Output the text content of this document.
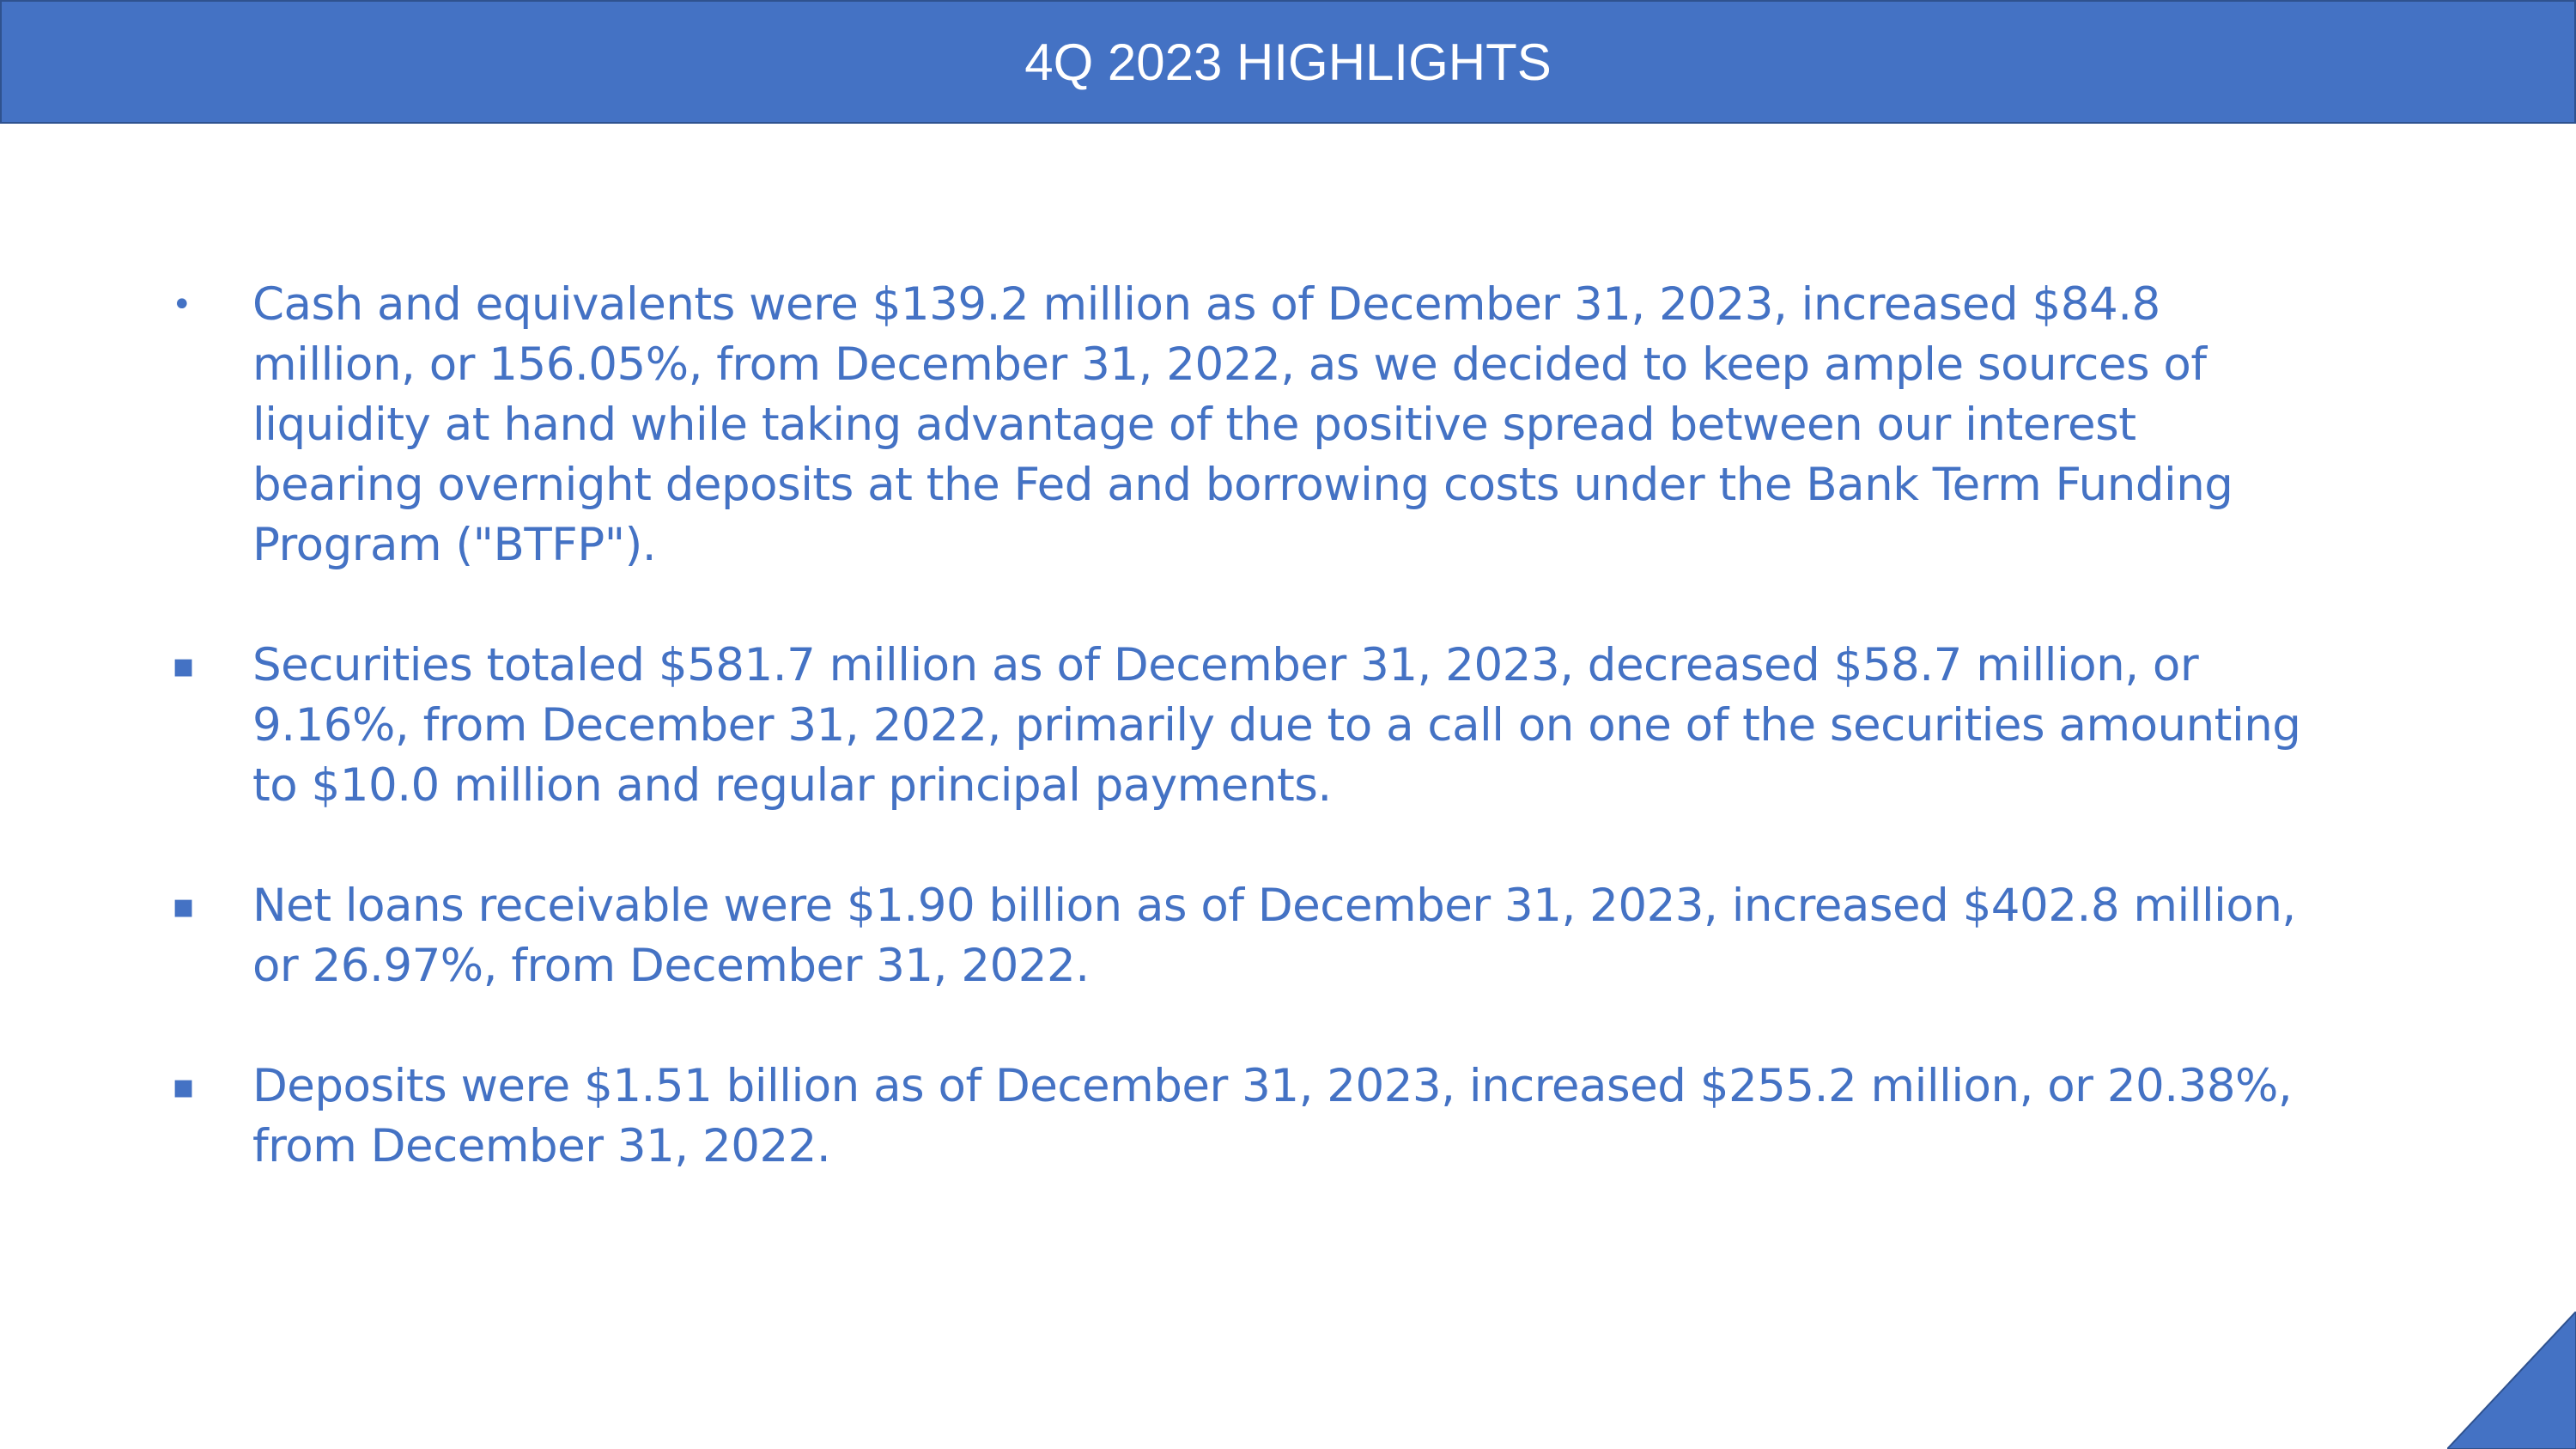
4Q 2023 HIGHLIGHTS
•	Cash and equivalents were $139.2 million as of December 31, 2023, increased $84.8 million, or 156.05%, from December 31, 2022, as we decided to keep ample sources of liquidity at hand while taking advantage of the positive spread between our interest bearing overnight deposits at the Fed and borrowing costs under the Bank Term Funding Program ("BTFP").
▪ Securities totaled $581.7 million as of December 31, 2023, decreased $58.7 million, or 9.16%, from December 31, 2022, primarily due to a call on one of the securities amounting to $10.0 million and regular principal payments.
▪ Net loans receivable were $1.90 billion as of December 31, 2023, increased $402.8 million, or 26.97%, from December 31, 2022.
▪ Deposits were $1.51 billion as of December 31, 2023, increased $255.2 million, or 20.38%, from December 31, 2022.
5
